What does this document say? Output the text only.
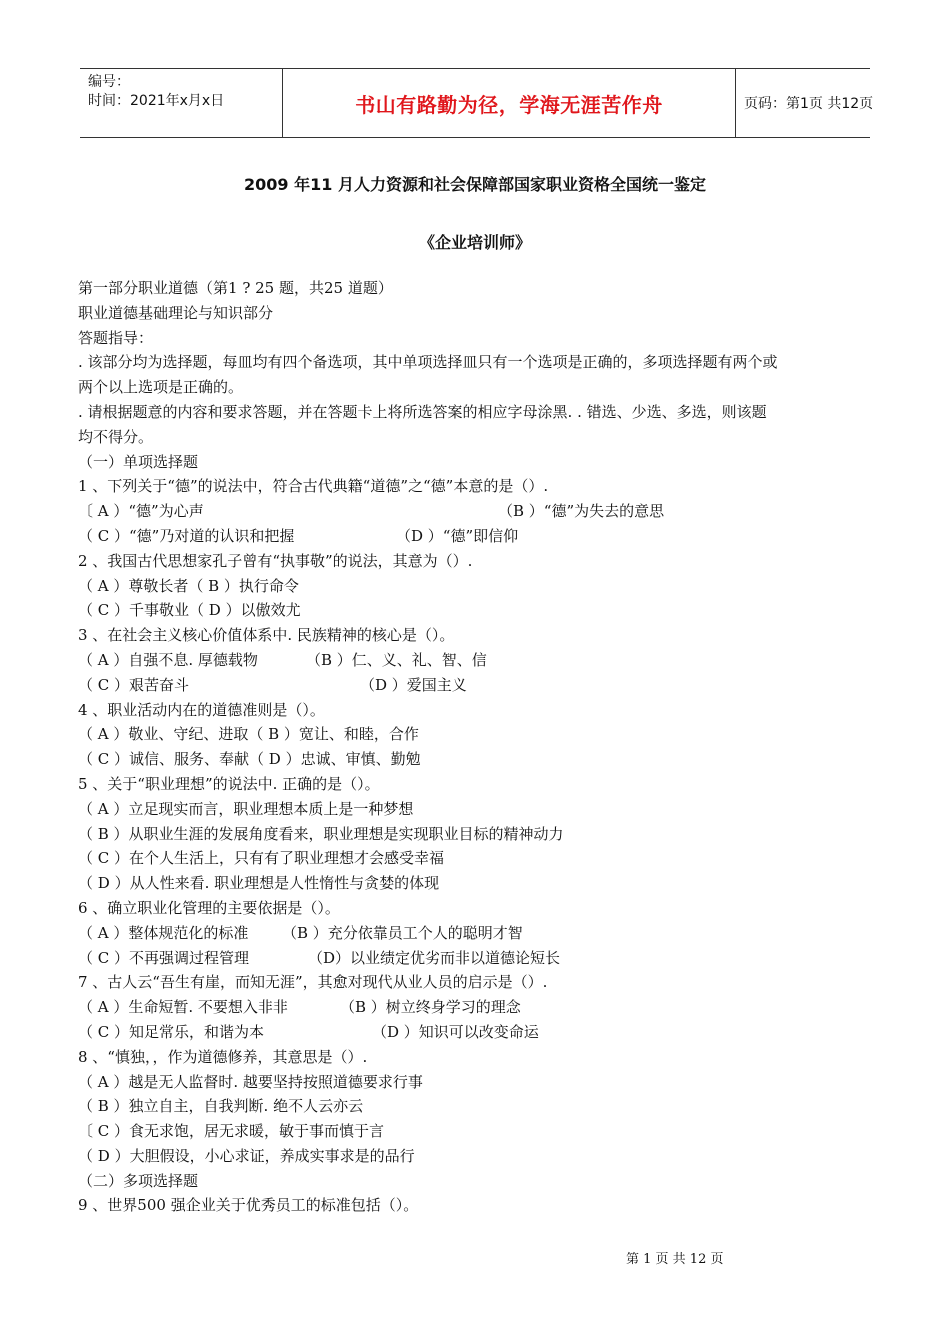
编号：
时间：2021年x月x日	书山有路勤为径，学海无涯苦作舟	页码：第1页 共12页
2009 年11 月人力资源和社会保障部国家职业资格全国统一鉴定
《企业培训师》
第一部分职业道德（第1 ? 25 题，共25 道题）
职业道德基础理论与知识部分
答题指导：
. 该部分均为选择题，每皿均有四个备选项，其中单项选择皿只有一个选项是正确的，多项选择题有两个或
两个以上选项是正确的。
. 请根据题意的内容和要求答题，并在答题卡上将所选答案的相应字母涂黑. . 错选、少选、多选，则该题
均不得分。
（一）单项选择题
1 、下列关于“德”的说法中，符合古代典籍“道德”之“德”本意的是（）.
〔 A ）“德”为心声	（B ）“德”为失去的意思
（ C ）“德”乃对道的认识和把握	（D ）“德”即信仰
2 、我国古代思想家孔子曾有“执事敬”的说法，其意为（）.
（ A ）尊敬长者（ B ）执行命令
（ C ）千事敬业（ D ）以傲效尤
3 、在社会主义核心价值体系中. 民族精神的核心是（）。
（ A ）自强不息. 厚德载物	（B ）仁、义、礼、智、信
（ C ）艰苦奋斗	（D ）爱国主义
4 、职业活动内在的道德准则是（）。
（ A ）敬业、守纪、进取（ B ）宽让、和睦，合作
（ C ）诚信、服务、奉献（ D ）忠诚、审慎、勤勉
5 、关于“职业理想”的说法中. 正确的是（）。
（ A ）立足现实而言，职业理想本质上是一种梦想
（ B ）从职业生涯的发展角度看来，职业理想是实现职业目标的精神动力
（ C ）在个人生活上，只有有了职业理想才会感受幸福
（ D ）从人性来看. 职业理想是人性惰性与贪婪的体现
6 、确立职业化管理的主要依据是（）。
（ A ）整体规范化的标准 （B ）充分依靠员工个人的聪明才智
（ C ）不再强调过程管理	（D）以业绩定优劣而非以道德论短长
7 、古人云“吾生有崖，而知无涯”，其愈对现代从业人员的启示是（）.
（ A ）生命短暂. 不要想入非非	（B ）树立终身学习的理念
（ C ）知足常乐，和谐为本	（D ）知识可以改变命运
8 、“慎独，，作为道德修养，其意思是（）.
（ A ）越是无人监督时. 越要坚持按照道德要求行事
（ B ）独立自主，自我判断. 绝不人云亦云
〔 C ）食无求饱，居无求暖，敏于事而慎于言
（ D ）大胆假设，小心求证，养成实事求是的品行
（二）多项选择题
9 、世界500 强企业关于优秀员工的标准包括（）。
第 1 页 共 12 页
